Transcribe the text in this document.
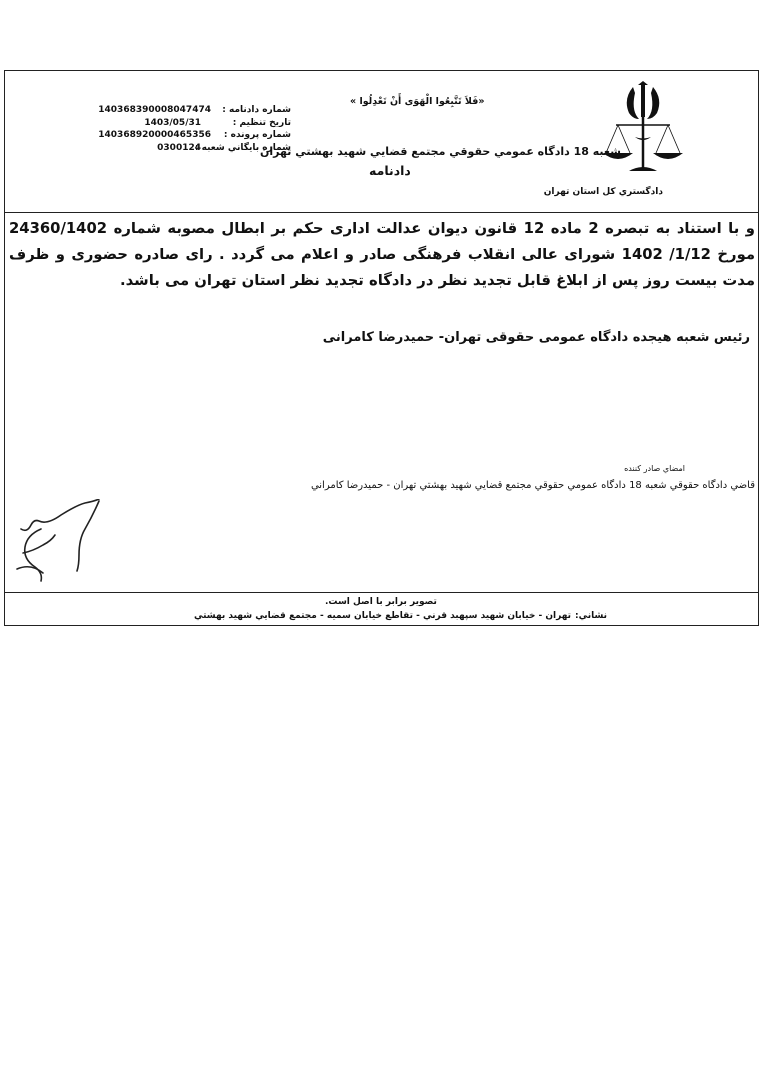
دادگستري كل استان تهران
«فَلاَ تَتَّبِعُوا الْهَوَى أَنْ تَعْدِلُوا »
شعبه 18 دادگاه عمومي حقوقي مجتمع قضايي شهيد بهشتي تهران
دادنامه
شماره دادنامه :
تاريخ تنظيم :
شماره پرونده :
شماره بايگاني شعبه :
140368390008047474
1403/05/31
140368920000465356
0300124
و با استناد به تبصره 2 ماده 12 قانون دیوان عدالت اداری حکم بر ابطال مصوبه شماره 24360/1402 مورخ 1/12/ 1402 شورای عالی انقلاب فرهنگی صادر و اعلام می گردد . رای صادره حضوری و ظرف مدت بیست روز پس از ابلاغ قابل تجدید نظر در دادگاه تجدید نظر استان تهران می باشد.
رئیس شعبه هیجده دادگاه عمومی حقوقی تهران- حمیدرضا کامرانی
امضاي صادر كننده
قاضي دادگاه حقوقي شعبه 18 دادگاه عمومي حقوقي مجتمع قضايي شهيد بهشتي تهران - حميدرضا كامراني
تصوير برابر با اصل است.
نشاني:تهران - خيابان شهيد سپهبد قرني - تقاطع خيابان سميه - مجتمع قضايي شهيد بهشتي
